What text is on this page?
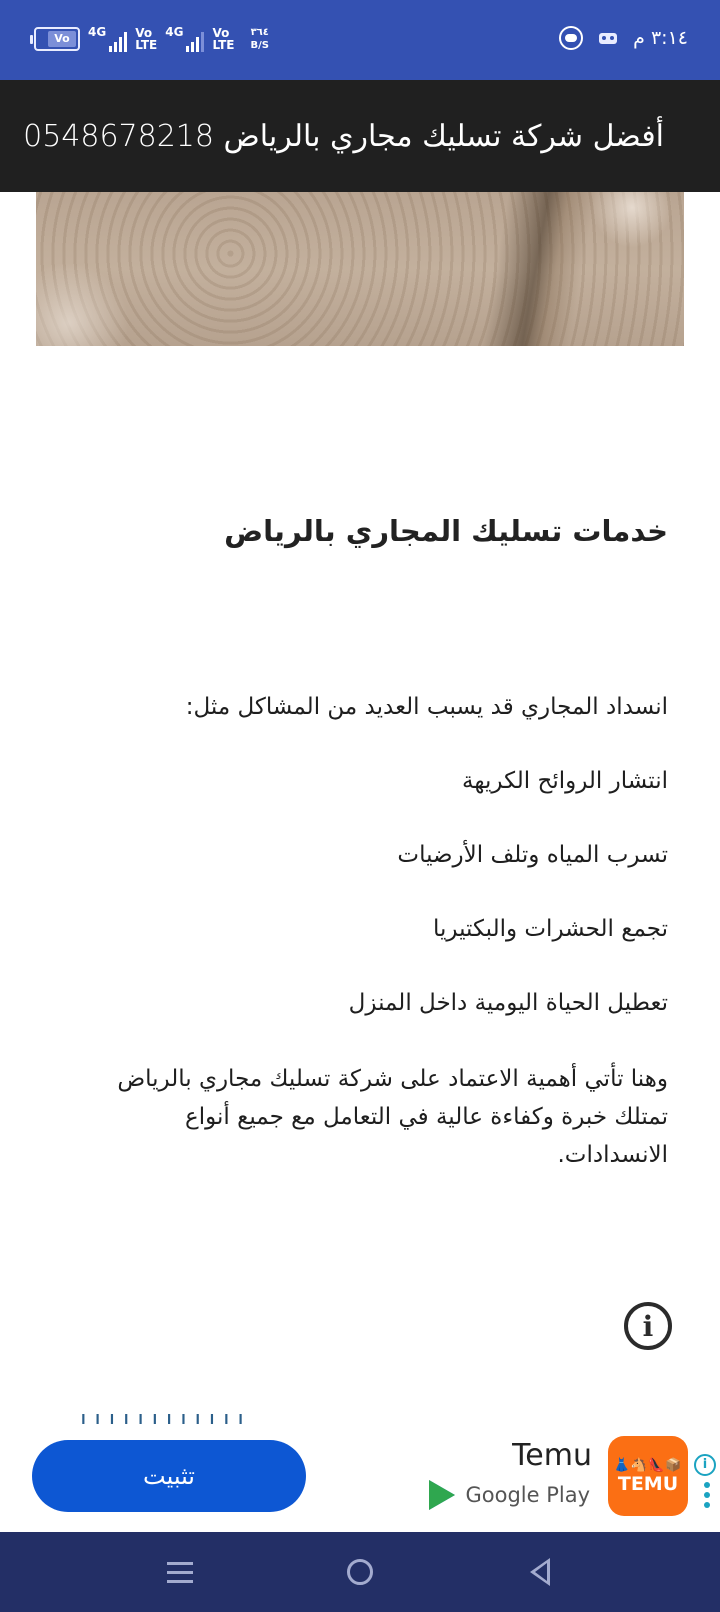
Vo	4G Vo
LTE
4G Vo
LTE
٣٦٤
B/S	٣:١٤ م
أفضل شركة تسليك مجاري بالرياض 0548678218
خدمات تسليك المجاري بالرياض

انسداد المجاري قد يسبب العديد من المشاكل مثل:

انتشار الروائح الكريهة

تسرب المياه وتلف الأرضيات

تجمع الحشرات والبكتيريا

تعطيل الحياة اليومية داخل المنزل

وهنا تأتي أهمية الاعتماد على شركة تسليك مجاري بالرياض تمتلك خبرة وكفاءة عالية في التعامل مع جميع أنواع الانسدادات.

i
تثبيت
Temu
Google Play
👗🐴👠📦
TEMU
i
